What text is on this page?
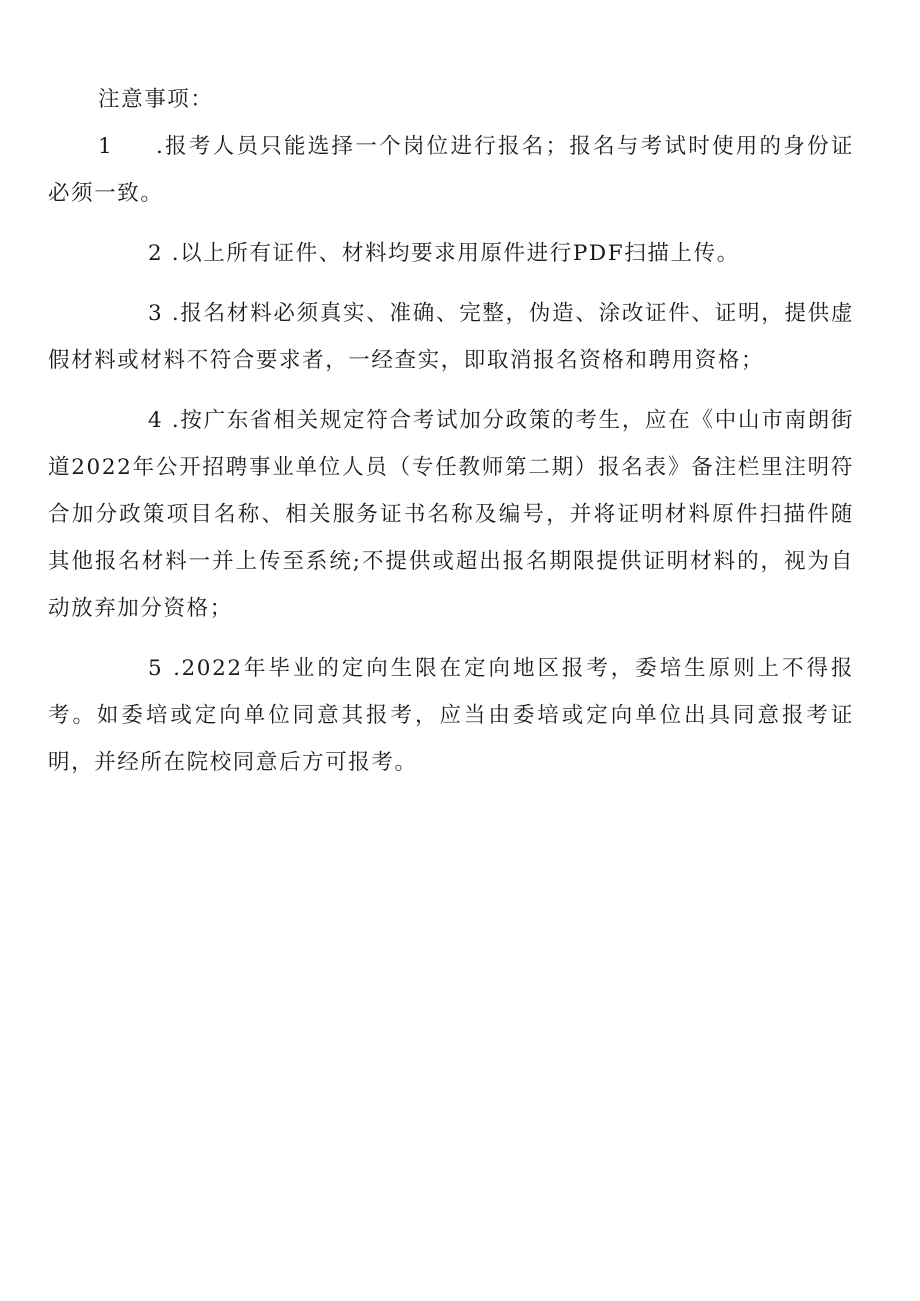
注意事项：

1 .报考人员只能选择一个岗位进行报名；报名与考试时使用的身份证必须一致。

2 .以上所有证件、材料均要求用原件进行PDF扫描上传。

3 .报名材料必须真实、准确、完整，伪造、涂改证件、证明，提供虚假材料或材料不符合要求者，一经查实，即取消报名资格和聘用资格；

4 .按广东省相关规定符合考试加分政策的考生，应在《中山市南朗街道2022年公开招聘事业单位人员（专任教师第二期）报名表》备注栏里注明符合加分政策项目名称、相关服务证书名称及编号，并将证明材料原件扫描件随其他报名材料一并上传至系统;不提供或超出报名期限提供证明材料的，视为自动放弃加分资格；

5 .2022年毕业的定向生限在定向地区报考，委培生原则上不得报考。如委培或定向单位同意其报考，应当由委培或定向单位出具同意报考证明，并经所在院校同意后方可报考。
